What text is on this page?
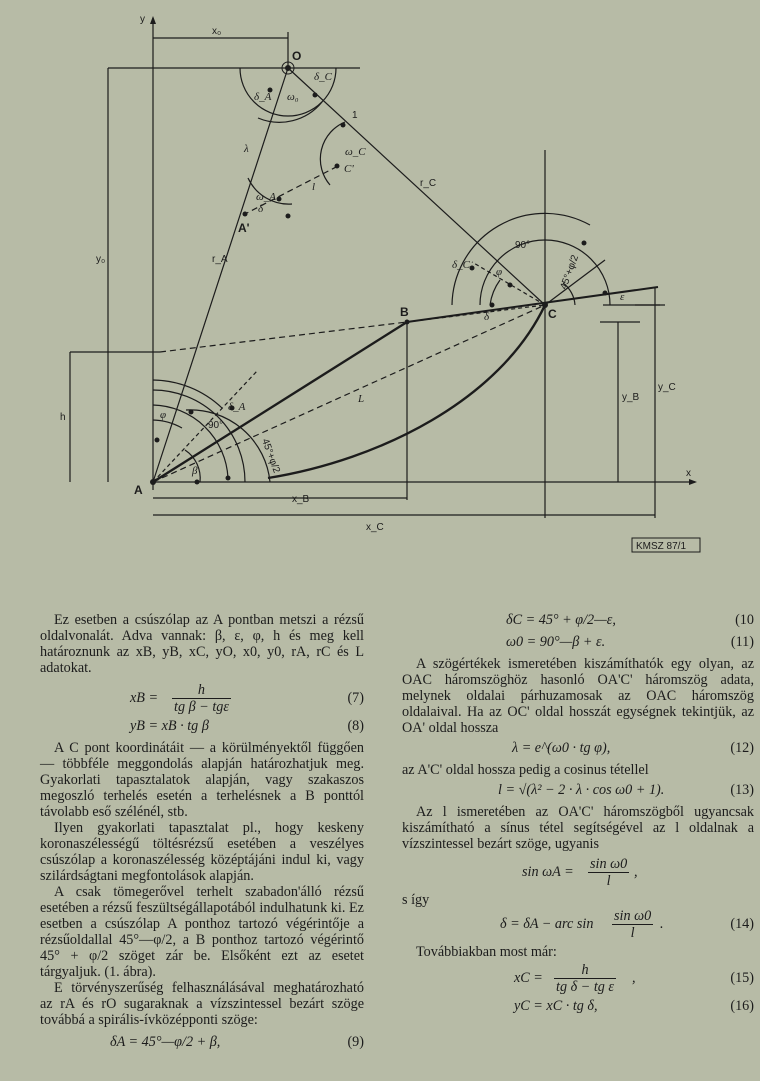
A
B	C
O
A'
C'
1
x
y
x₀
y₀
x_B
x_C
y_B
y_C
h
r_A
r_C
L
l
λ
δ_A
δ_A
δ_C
δ_C
δ
δ
ω₀
ω_A
ω_C
φ
φ
β
ε
90°
90°
45°+φ/2
45°+φ/2
KMSZ 87/1

Ez esetben a csúszólap az A pontban metszi a rézsű oldalvonalát. Adva vannak: β, ε, φ, h és meg kell határoznunk az xB, yB, xC, yO, x0, y0, rA, rC és L adatokat.

xB =	h
tg β − tgε
(7)
yB = xB · tg β	(8)

A C pont koordinátáit — a körülményektől függően — többféle meggondolás alapján határozhatjuk meg. Gyakorlati tapasztalatok alapján, vagy szakaszos megoszló terhelés esetén a terhelésnek a B ponttól távolabb eső szélénél, stb.

Ilyen gyakorlati tapasztalat pl., hogy keskeny koronaszélességű töltésrézsű esetében a veszélyes csúszólap a koronaszélesség középtájáni indul ki, vagy szilárdságtani megfontolások alapján.

A csak tömegerővel terhelt szabadon'álló rézsű esetében a rézsű feszültségállapotából indulhatunk ki. Ez esetben a csúszólap A ponthoz tartozó végérintője a rézsűoldallal 45°—φ/2, a B ponthoz tartozó végérintő 45° + φ/2 szöget zár be. Elsőként ezt az esetet tárgyaljuk. (1. ábra).

E törvényszerűség felhasználásával meghatározható az rA és rO sugaraknak a vízszintessel bezárt szöge továbbá a spirális-ívközépponti szöge:

δA = 45°—φ/2 + β,	(9)
δC = 45° + φ/2—ε,	(10
ω0 = 90°—β + ε.	(11)

A szögértékek ismeretében kiszámíthatók egy olyan, az OAC háromszöghöz hasonló OA'C' háromszög adata, melynek oldalai párhuzamosak az OAC háromszög oldalaival. Ha az OC' oldal hosszát egységnek tekintjük, az OA' oldal hossza

λ = e^(ω0 · tg φ),	(12)

az A'C' oldal hossza pedig a cosinus tétellel

l = √(λ² − 2 · λ · cos ω0 + 1).	(13)

Az l ismeretében az OA'C' háromszögből ugyancsak kiszámítható a sínus tétel segítségével az l oldalnak a vízszintessel bezárt szöge, ugyanis

$\sin \omega A = \frac{\text{sin ω0}}{l}$ ,

s így

δ = δA − arc $\sin \frac{\text{sin ω0}}{l}$ .	(14)

Továbbiakban most már:

xC = $\frac{h}{\text{tg δ − tg ε}}$ ,	(15)
yC = xC · tg δ,	(16)
